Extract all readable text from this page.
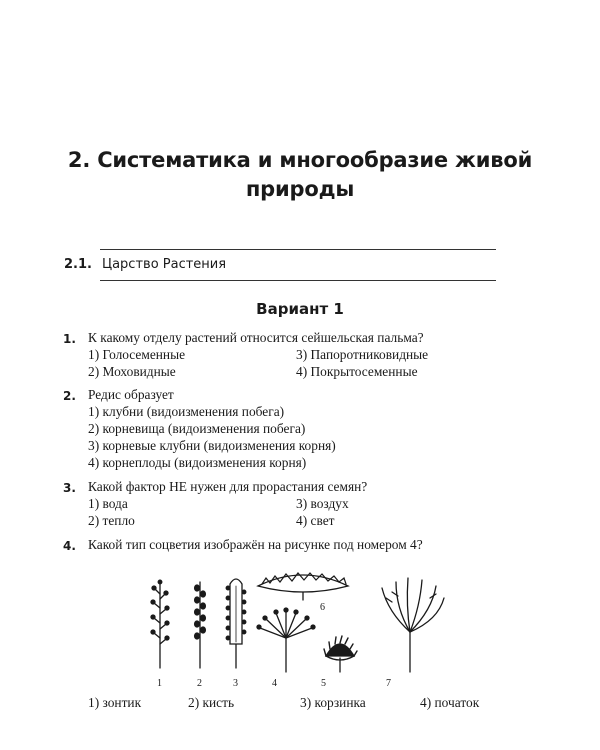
2. Систематика и многообразие живой
природы
2.1. Царство Растения
Вариант 1
1. К какому отделу растений относится сейшельская пальма?
1) Голосеменные	3) Папоротниковидные
2) Моховидные	4) Покрытосеменные
2. Редис образует
1) клубни (видоизменения побега)
2) корневища (видоизменения побега)
3) корневые клубни (видоизменения корня)
4) корнеплоды (видоизменения корня)
3. Какой фактор НЕ нужен для прорастания семян?
1) вода	3) воздух
2) тепло	4) свет
4. Какой тип соцветия изображён на рисунке под номером 4?
1	2	3	4	5
6
7
1) зонтик	2) кисть	3) корзинка	4) початок
